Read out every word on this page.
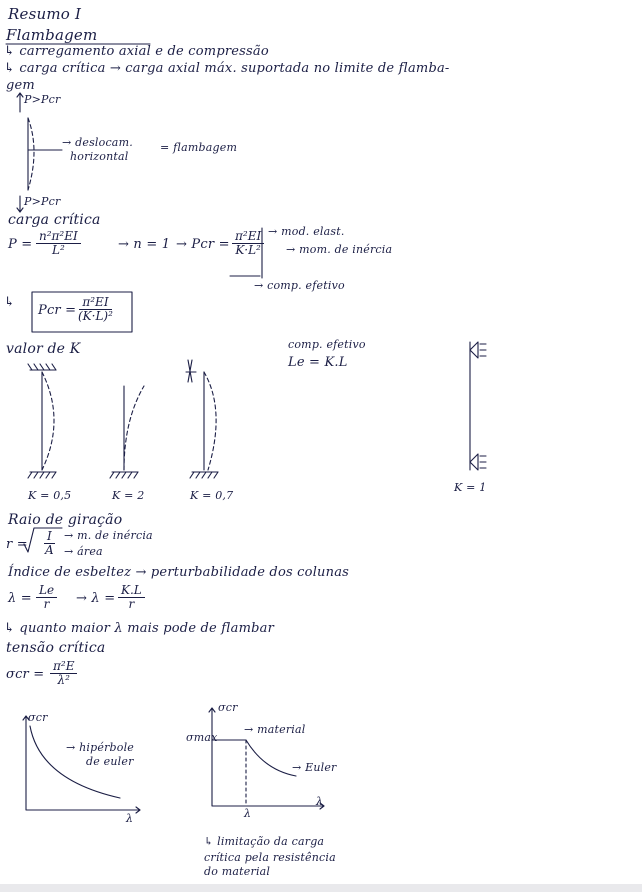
Resumo I
Flambagem
↳ carregamento axial e de compressão
↳ carga crítica → carga axial máx. suportada no limite de flamba-
gem
P>Pcr
→ deslocam.
horizontal
= flambagem
P>Pcr
carga crítica
$P = \frac{\text{n²π²EI}}{\text{L²}}$	→ n = 1 → Pcr = $\frac{\text{π²EI}}{\text{K·L²}}$ → mod. elast.
→ mom. de inércia
→ comp. efetivo
↳
Pcr = $\frac{\text{π²EI}}{\text{(K·L)²}}$
valor de K	comp. efetivo
Le = K.L
K = 0,5	K = 2	K = 0,7
K = 1
Raio de giração
$r = \frac{I}{A} \to m$. de inércia
→ área
Índice de esbeltez → perturbabilidade dos colunas
$\lambda = \frac{Le}{r} \to \lambda = \frac{K.L}{r}$
↳ quanto maior λ mais pode de flambar
tensão crítica
$\sigma cr = \frac{\text{π²E}}{\text{λ²}}$
σcr
→ hipérbole
de euler
λ
σcr
σmax
→ material
→ Euler
λ
λ
↳ limitação da carga
crítica pela resistência
do material
